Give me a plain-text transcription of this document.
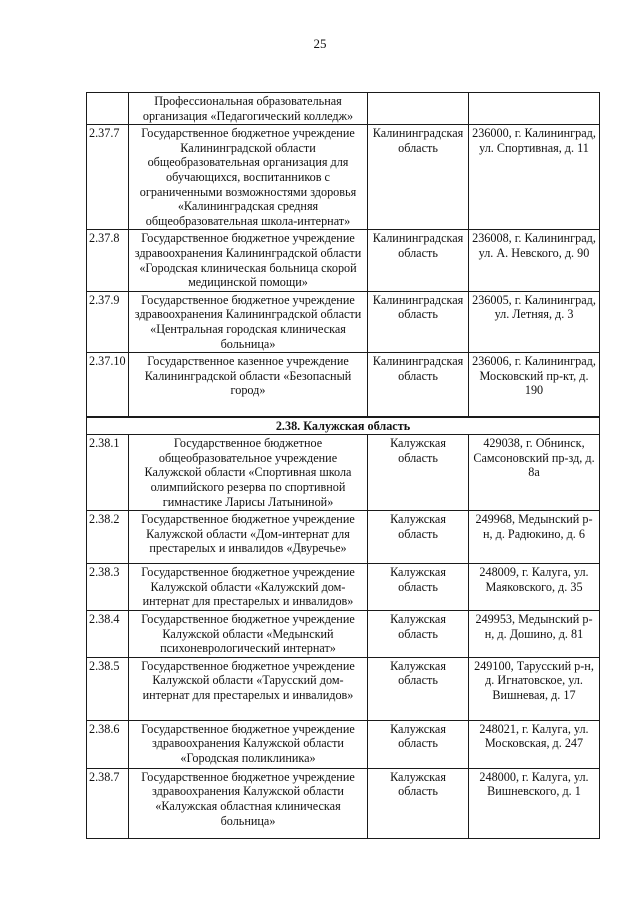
25
	Профессиональная образовательная организация «Педагогический колледж»		
2.37.7	Государственное бюджетное учреждение Калининградской области общеобразовательная организация для обучающихся, воспитанников с ограниченными возможностями здоровья «Калининградская средняя общеобразовательная школа-интернат»	Калининградская область	236000, г. Калининград, ул. Спортивная, д. 11
2.37.8	Государственное бюджетное учреждение здравоохранения Калининградской области «Городская клиническая больница скорой медицинской помощи»	Калининградская область	236008, г. Калининград, ул. А. Невского, д. 90
2.37.9	Государственное бюджетное учреждение здравоохранения Калининградской области «Центральная городская клиническая больница»	Калининградская область	236005, г. Калининград, ул. Летняя, д. 3
2.37.10	Государственное казенное учреждение Калининградской области «Безопасный город»	Калининградская область	236006, г. Калининград, Московский пр-кт, д. 190
2.38. Калужская область			
2.38.1	Государственное бюджетное общеобразовательное учреждение Калужской области «Спортивная школа олимпийского резерва по спортивной гимнастике Ларисы Латыниной»	Калужская область	429038, г. Обнинск, Самсоновский пр-зд, д. 8а
2.38.2	Государственное бюджетное учреждение Калужской области «Дом-интернат для престарелых и инвалидов «Двуречье»	Калужская область	249968, Медынский р-н, д. Радюкино, д. 6
2.38.3	Государственное бюджетное учреждение Калужской области «Калужский дом-интернат для престарелых и инвалидов»	Калужская область	248009, г. Калуга, ул. Маяковского, д. 35
2.38.4	Государственное бюджетное учреждение Калужской области «Медынский психоневрологический интернат»	Калужская область	249953, Медынский р-н, д. Дошино, д. 81
2.38.5	Государственное бюджетное учреждение Калужской области «Тарусский дом-интернат для престарелых и инвалидов»	Калужская область	249100, Тарусский р-н, д. Игнатовское, ул. Вишневая, д. 17
2.38.6	Государственное бюджетное учреждение здравоохранения Калужской области «Городская поликлиника»	Калужская область	248021, г. Калуга, ул. Московская, д. 247
2.38.7	Государственное бюджетное учреждение здравоохранения Калужской области «Калужская областная клиническая больница»	Калужская область	248000, г. Калуга, ул. Вишневского, д. 1
